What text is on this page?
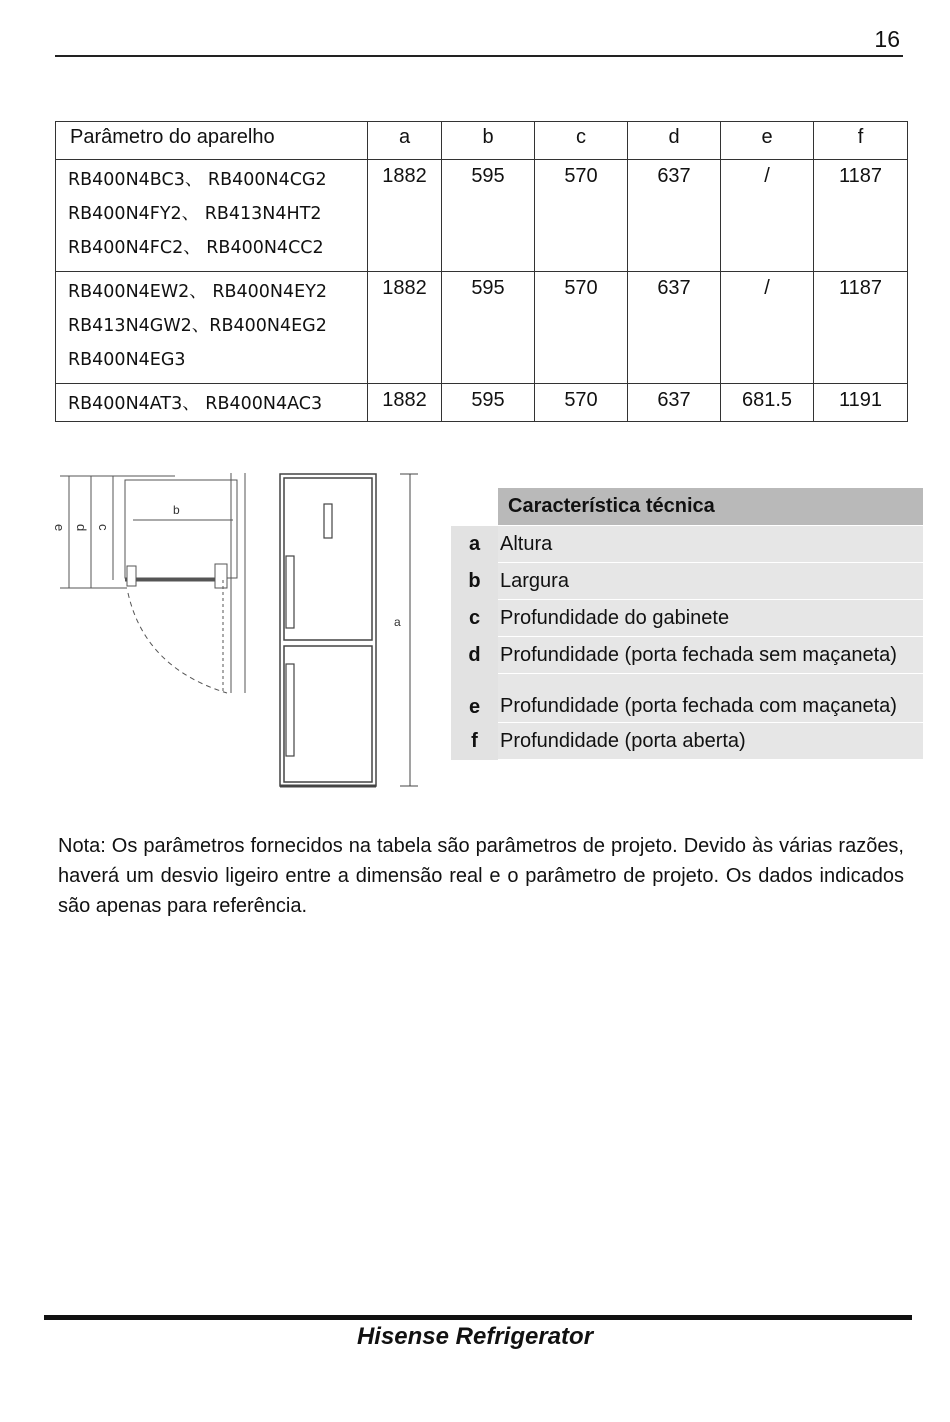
16
Parâmetro do aparelho	a	b	c	d	e	f

RB400N4BC3、 RB400N4CG2
RB400N4FY2、 RB413N4HT2
RB400N4FC2、 RB400N4CC2	1882	595	570	637	/	1187

RB400N4EW2、 RB400N4EY2
RB413N4GW2、RB400N4EG2
RB400N4EG3	1882	595	570	637	/	1187

RB400N4AT3、 RB400N4AC3	1882	595	570	637	681.5	1191
e d c
b
a
	Característica técnica
a	Altura
b	Largura
c	Profundidade do gabinete
d	Profundidade (porta fechada sem maçaneta)
e	Profundidade (porta fechada com maçaneta)
f	Profundidade (porta aberta)

Nota: Os parâmetros fornecidos na tabela são parâmetros de projeto. Devido às várias razões, haverá um desvio ligeiro entre a dimensão real e o parâmetro de projeto. Os dados indicados são apenas para referência.

Hisense Refrigerator
